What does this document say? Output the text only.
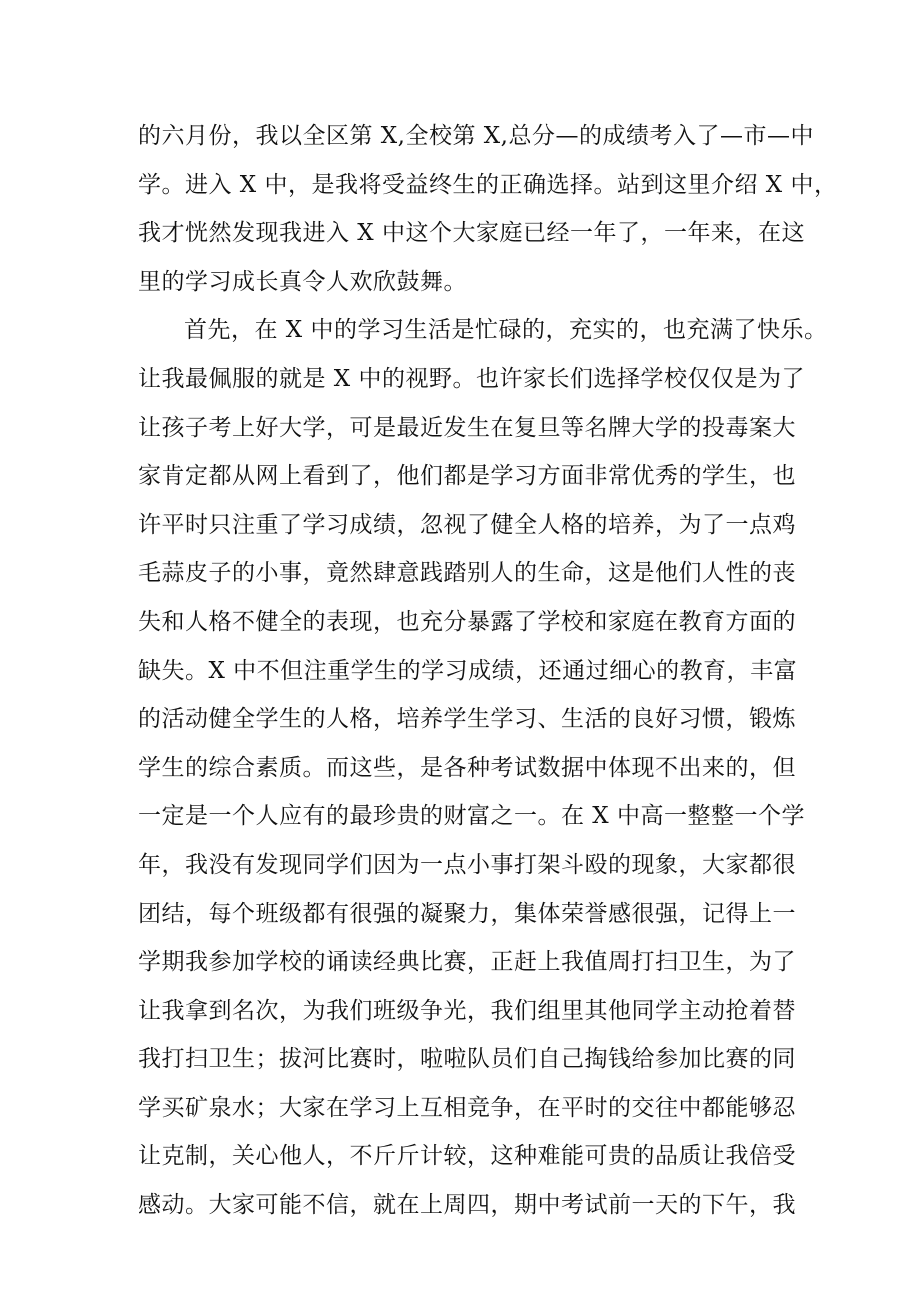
的六月份，我以全区第 X,全校第 X,总分—的成绩考入了—市—中
学。进入 X 中，是我将受益终生的正确选择。站到这里介绍 X 中，
我才恍然发现我进入 X 中这个大家庭已经一年了，一年来，在这
里的学习成长真令人欢欣鼓舞。
首先，在 X 中的学习生活是忙碌的，充实的，也充满了快乐。
让我最佩服的就是 X 中的视野。也许家长们选择学校仅仅是为了
让孩子考上好大学，可是最近发生在复旦等名牌大学的投毒案大
家肯定都从网上看到了，他们都是学习方面非常优秀的学生，也
许平时只注重了学习成绩，忽视了健全人格的培养，为了一点鸡
毛蒜皮子的小事，竟然肆意践踏别人的生命，这是他们人性的丧
失和人格不健全的表现，也充分暴露了学校和家庭在教育方面的
缺失。X 中不但注重学生的学习成绩，还通过细心的教育，丰富
的活动健全学生的人格，培养学生学习、生活的良好习惯，锻炼
学生的综合素质。而这些，是各种考试数据中体现不出来的，但
一定是一个人应有的最珍贵的财富之一。在 X 中高一整整一个学
年，我没有发现同学们因为一点小事打架斗殴的现象，大家都很
团结，每个班级都有很强的凝聚力，集体荣誉感很强，记得上一
学期我参加学校的诵读经典比赛，正赶上我值周打扫卫生，为了
让我拿到名次，为我们班级争光，我们组里其他同学主动抢着替
我打扫卫生；拔河比赛时，啦啦队员们自己掏钱给参加比赛的同
学买矿泉水；大家在学习上互相竞争，在平时的交往中都能够忍
让克制，关心他人，不斤斤计较，这种难能可贵的品质让我倍受
感动。大家可能不信，就在上周四，期中考试前一天的下午，我
